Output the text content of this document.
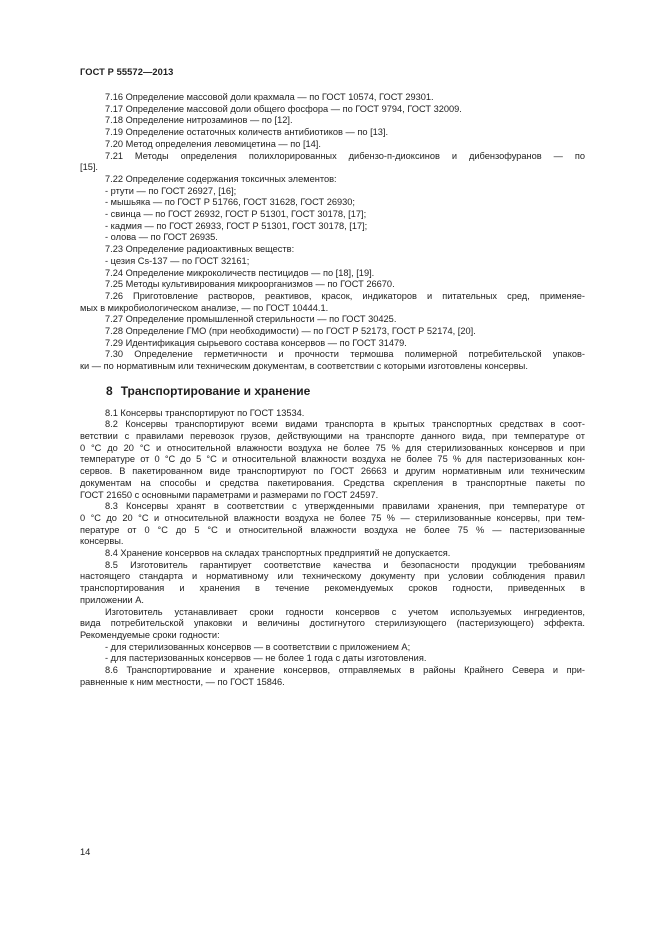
ГОСТ Р 55572—2013

7.16 Определение массовой доли крахмала — по ГОСТ 10574, ГОСТ 29301.

7.17 Определение массовой доли общего фосфора — по ГОСТ 9794, ГОСТ 32009.

7.18 Определение нитрозаминов — по [12].

7.19 Определение остаточных количеств антибиотиков — по [13].

7.20 Метод определения левомицетина — по [14].

7.21 Методы определения полихлорированных дибензо-п-диоксинов и дибензофуранов — по

[15].

7.22 Определение содержания токсичных элементов:

- ртути — по ГОСТ 26927, [16];

- мышьяка — по ГОСТ Р 51766, ГОСТ 31628, ГОСТ 26930;

- свинца — по ГОСТ 26932, ГОСТ Р 51301, ГОСТ 30178, [17];

- кадмия — по ГОСТ 26933, ГОСТ Р 51301, ГОСТ 30178, [17];

- олова — по ГОСТ 26935.

7.23 Определение радиоактивных веществ:

- цезия Cs-137 — по ГОСТ 32161;

7.24 Определение микроколичеств пестицидов — по [18], [19].

7.25 Методы культивирования микроорганизмов — по ГОСТ 26670.

7.26 Приготовление растворов, реактивов, красок, индикаторов и питательных сред, применяе-

мых в микробиологическом анализе, — по ГОСТ 10444.1.

7.27 Определение промышленной стерильности — по ГОСТ 30425.

7.28 Определение ГМО (при необходимости) — по ГОСТ Р 52173, ГОСТ Р 52174, [20].

7.29 Идентификация сырьевого состава консервов — по ГОСТ 31479.

7.30 Определение герметичности и прочности термошва полимерной потребительской упаков-

ки — по нормативным или техническим документам, в соответствии с которыми изготовлены консервы.

8 Транспортирование и хранение

8.1 Консервы транспортируют по ГОСТ 13534.

8.2 Консервы транспортируют всеми видами транспорта в крытых транспортных средствах в соот-

ветствии с правилами перевозок грузов, действующими на транспорте данного вида, при температуре от

0 °С до 20 °С и относительной влажности воздуха не более 75 % для стерилизованных консервов и при

температуре от 0 °С до 5 °С и относительной влажности воздуха не более 75 % для пастеризованных кон-

сервов. В пакетированном виде транспортируют по ГОСТ 26663 и другим нормативным или техническим

документам на способы и средства пакетирования. Средства скрепления в транспортные пакеты по

ГОСТ 21650 с основными параметрами и размерами по ГОСТ 24597.

8.3 Консервы хранят в соответствии с утвержденными правилами хранения, при температуре от

0 °С до 20 °С и относительной влажности воздуха не более 75 % — стерилизованные консервы, при тем-

пературе от 0 °С до 5 °С и относительной влажности воздуха не более 75 % — пастеризованные

консервы.

8.4 Хранение консервов на складах транспортных предприятий не допускается.

8.5 Изготовитель гарантирует соответствие качества и безопасности продукции требованиям

настоящего стандарта и нормативному или техническому документу при условии соблюдения правил

транспортирования и хранения в течение рекомендуемых сроков годности, приведенных в

приложении А.

Изготовитель устанавливает сроки годности консервов с учетом используемых ингредиентов,

вида потребительской упаковки и величины достигнутого стерилизующего (пастеризующего) эффекта.

Рекомендуемые сроки годности:

- для стерилизованных консервов — в соответствии с приложением А;

- для пастеризованных консервов — не более 1 года с даты изготовления.

8.6 Транспортирование и хранение консервов, отправляемых в районы Крайнего Севера и при-

равненные к ним местности, — по ГОСТ 15846.

14
